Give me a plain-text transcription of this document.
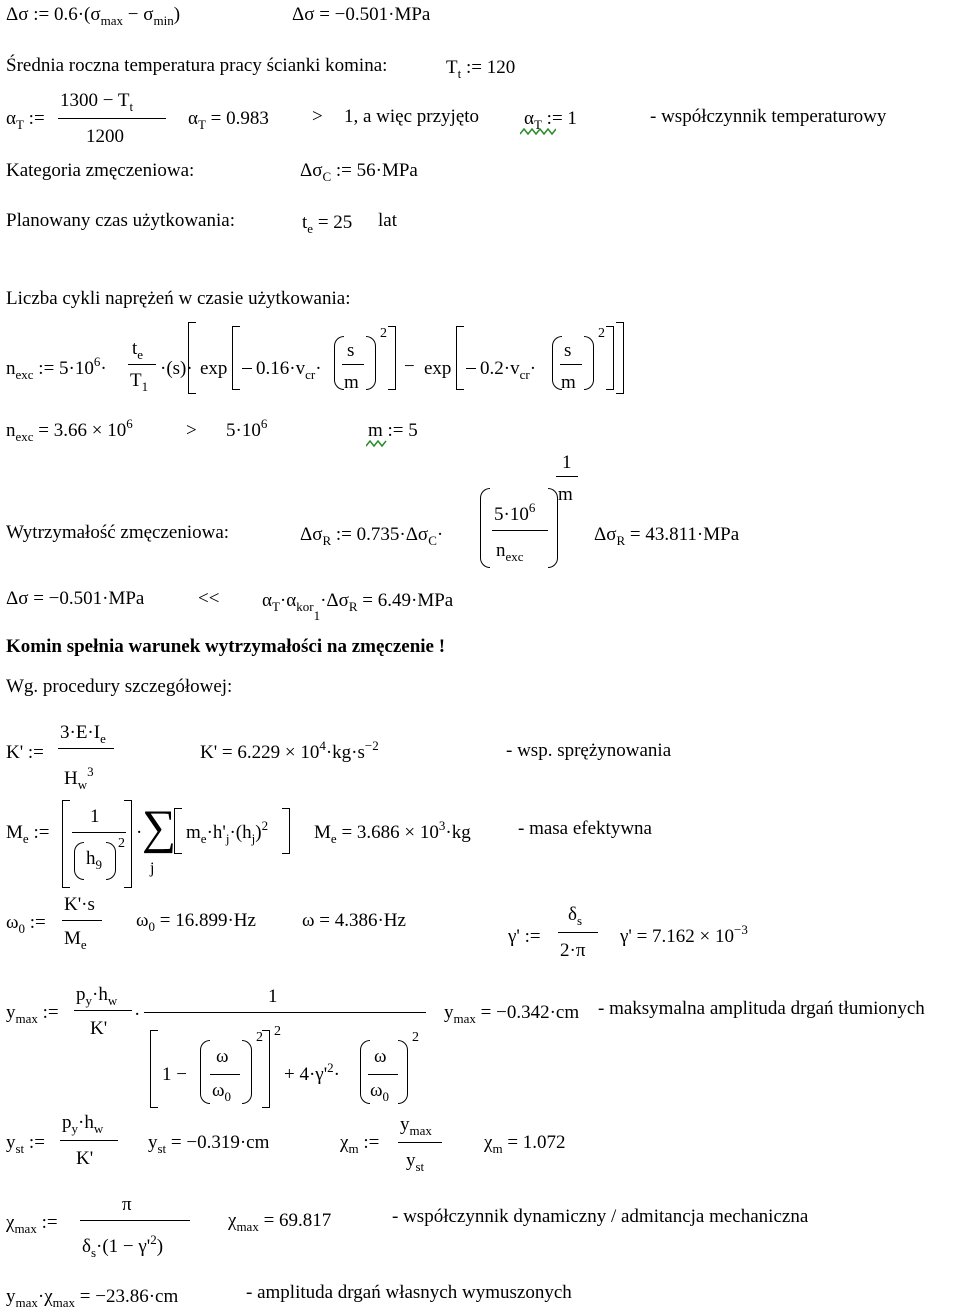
Δσ := $0.6\cdot(\sigma_{max} - \sigma_{min})$	Δσ = −0.501·MPa
Średnia roczna temperatura pracy ścianki komina:	$T_t$ := 120
$\alpha_T$ :=
$1300 - T_t$
1200
$\alpha_T = 0.983 > 1$, a więc przyjęto $\alpha_T$ := 1	- współczynnik temperaturowy
Kategoria zmęczeniowa:	$\Delta\sigma_C$ := 56·MPa
Planowany czas użytkowania:	$t_e = 25$ lat
Liczba cykli naprężeń w czasie użytkowania:
$n_{exc}$ := $5\cdot 10^6\cdot$
$t_e$
$T_1$
$\cdot(s)\cdot \exp 0.16\cdot v_{cr}\cdot$
s
m
2
− $\exp 0.2\cdot v_{cr}\cdot$
s
m
2
$n_{exc} = 3.66 \times 10^6$	> $5\cdot 10^6$	m := 5
Wytrzymałość zmęczeniowa:	$\Delta\sigma_R$ := $0.735\cdot\Delta\sigma_C\cdot$
$5\cdot 10^6$
$n_{exc}$
1
m
$\Delta\sigma_R = 43.811\cdot MPa$
Δσ = −0.501·MPa	<< $\alpha_T\cdot\alpha_{kor1}\cdot\Delta\sigma_R = 6.49\cdot MPa$
Komin spełnia warunek wytrzymałości na zmęczenie !
Wg. procedury szczegółowej:
K' :=
$3\cdot E\cdot I_e$
$H_w^3$
$K' = 6.229 \times 10^4\cdot kg\cdot s^{-2}$	- wsp. sprężynowania
$M_e$ :=
1
$h_9$
2
· ∑
j
$m_e\cdot h'_j\cdot(h_j)^2$ $M_e = 3.686 \times 10^3\cdot kg$ - masa efektywna
$\omega_0$ :=
K'·s
$M_e$
$\omega_0 = 16.899\cdot Hz$ ω = 4.386·Hz
γ' :=
$\delta_s$
2·π
$\gamma' = 7.162 \times 10^{-3}$
$y_{max}$ :=
$p_y\cdot h_w$
K'
·
1
1 −
ω
$\omega_0$
2 2
+ $4\cdot\gamma'^2\cdot$
ω
$\omega_0$
2
$y_{max} = -0.342\cdot cm$ - maksymalna amplituda drgań tłumionych
$y_{st}$ :=
$p_y\cdot h_w$
K'
$y_{st} = -0.319\cdot cm$	$\chi_m$ :=
$y_{max}$
$y_{st}$
$\chi_m = 1.072$
$\chi_{max}$ :=
π
$\delta_s\cdot(1 - \gamma'^2)$
$\chi_{max} = 69.817$	- współczynnik dynamiczny / admitancja mechaniczna
$y_{max}\cdot\chi_{max} = -23.86\cdot cm$	- amplituda drgań własnych wymuszonych
